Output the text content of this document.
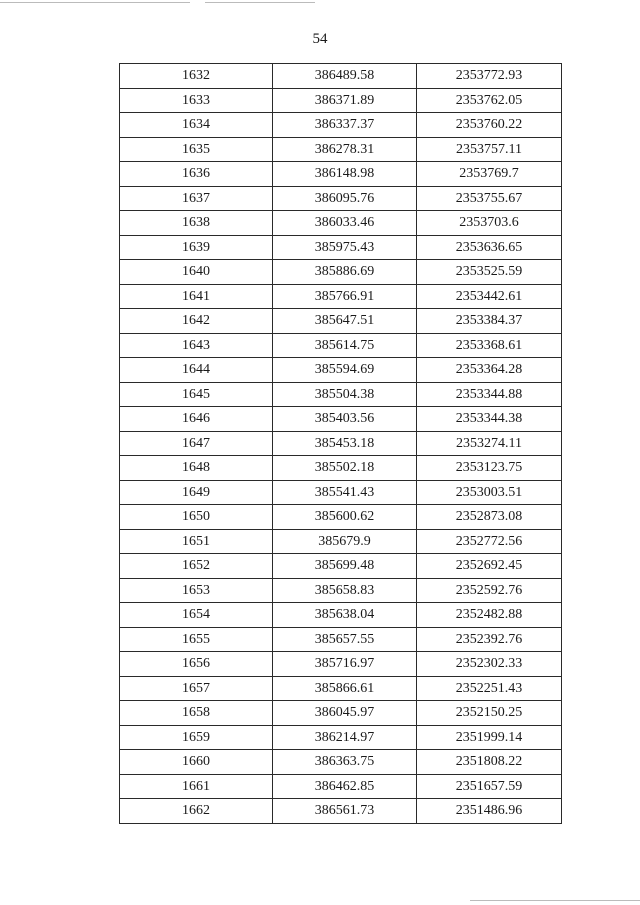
54
1632	386489.58	2353772.93
1633	386371.89	2353762.05
1634	386337.37	2353760.22
1635	386278.31	2353757.11
1636	386148.98	2353769.7
1637	386095.76	2353755.67
1638	386033.46	2353703.6
1639	385975.43	2353636.65
1640	385886.69	2353525.59
1641	385766.91	2353442.61
1642	385647.51	2353384.37
1643	385614.75	2353368.61
1644	385594.69	2353364.28
1645	385504.38	2353344.88
1646	385403.56	2353344.38
1647	385453.18	2353274.11
1648	385502.18	2353123.75
1649	385541.43	2353003.51
1650	385600.62	2352873.08
1651	385679.9	2352772.56
1652	385699.48	2352692.45
1653	385658.83	2352592.76
1654	385638.04	2352482.88
1655	385657.55	2352392.76
1656	385716.97	2352302.33
1657	385866.61	2352251.43
1658	386045.97	2352150.25
1659	386214.97	2351999.14
1660	386363.75	2351808.22
1661	386462.85	2351657.59
1662	386561.73	2351486.96
